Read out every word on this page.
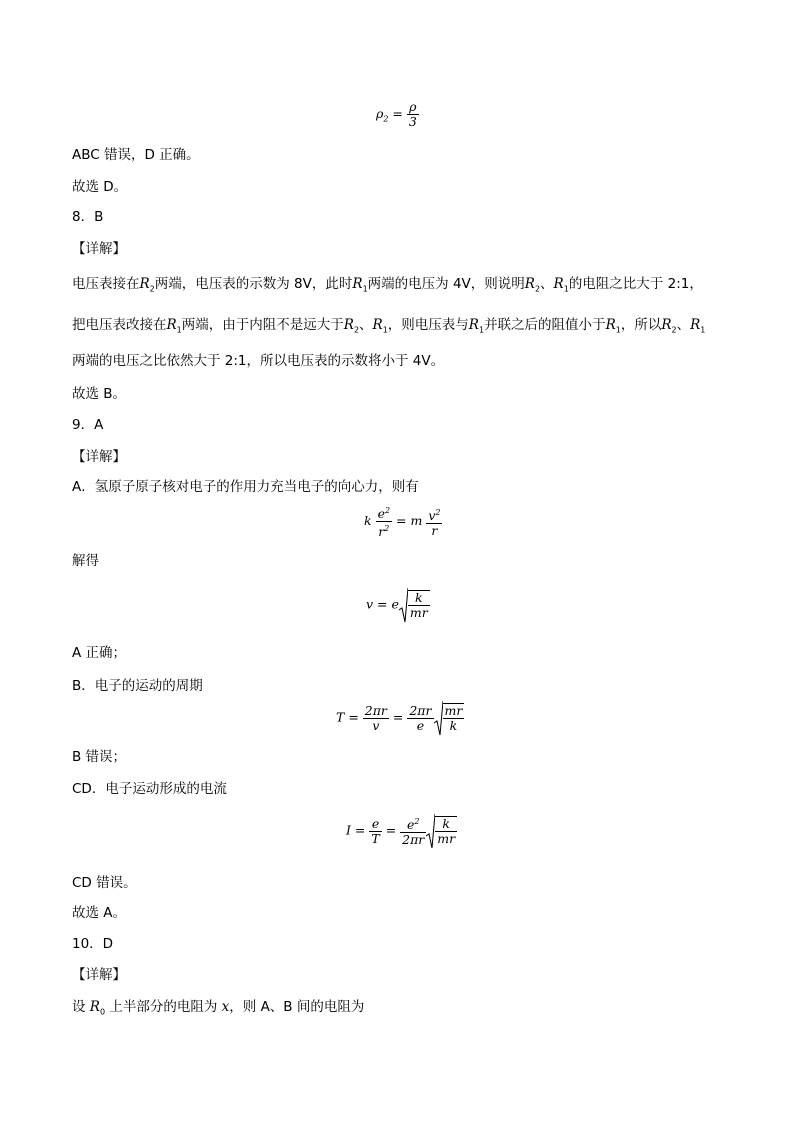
$\rho_2 = \frac{\rho}{3}$
ABC 错误，D 正确。
故选 D。
8．B
【详解】
电压表接在$R_2$两端，电压表的示数为 8V，此时$R_1$两端的电压为 4V，则说明$R_2$、$R_1$的电阻之比大于 2:1，
把电压表改接在$R_1$两端，由于内阻不是远大于$R_2$、$R_1$，则电压表与$R_1$并联之后的阻值小于$R_1$，所以$R_2$、$R_1$
两端的电压之比依然大于 2:1，所以电压表的示数将小于 4V。
故选 B。
9．A
【详解】
A．氢原子原子核对电子的作用力充当电子的向心力，则有
k $\frac{e^2}{r^2} = m \frac{v^2}{r}$
解得
v = e $\frac{k}{mr}$
A 正确；
B．电子的运动的周期
$T = \frac{2\pi r}{v} = \frac{2\pi r}{e} \frac{mr}{k}$
B 错误；
CD．电子运动形成的电流
$I = \frac{e}{T} = \frac{e^2}{2\pi r} \frac{k}{mr}$
CD 错误。
故选 A。
10．D
【详解】
设 $R_0$ 上半部分的电阻为 x，则 A、B 间的电阻为
